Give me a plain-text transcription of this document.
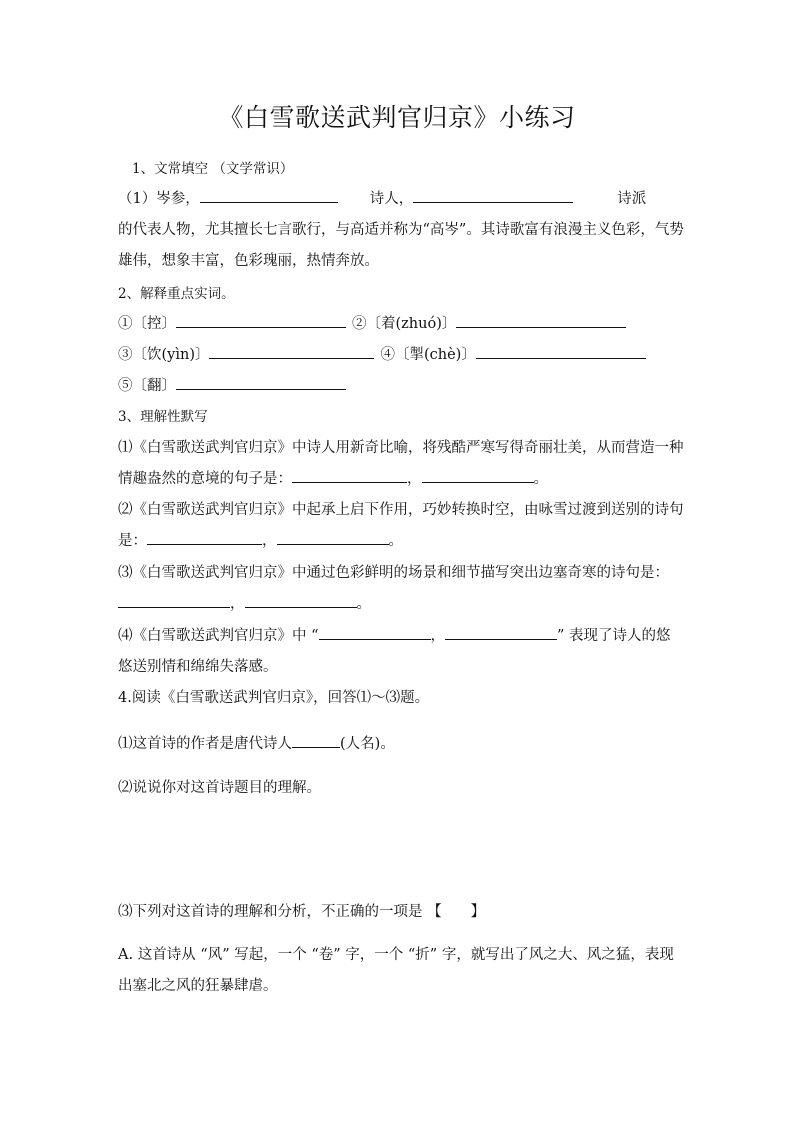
《白雪歌送武判官归京》小练习
1、文常填空 （文学常识）
（1）岑参，	诗人，	诗派
的代表人物，尤其擅长七言歌行，与高适并称为“高岑”。其诗歌富有浪漫主义色彩，气势
雄伟，想象丰富，色彩瑰丽，热情奔放。
2、解释重点实词。
①〔控〕	②〔着(zhuó)〕
③〔饮(yìn)〕	④〔掣(chè)〕
⑤〔翻〕
3、理解性默写
⑴《白雪歌送武判官归京》中诗人用新奇比喻，将残酷严寒写得奇丽壮美，从而营造一种
情趣盎然的意境的句子是：	，	。
⑵《白雪歌送武判官归京》中起承上启下作用，巧妙转换时空，由咏雪过渡到送别的诗句
是：	，	。
⑶《白雪歌送武判官归京》中通过色彩鲜明的场景和细节描写突出边塞奇寒的诗句是：
，	。
⑷《白雪歌送武判官归京》中 “	，	” 表现了诗人的悠
悠送别情和绵绵失落感。
4.阅读《白雪歌送武判官归京》，回答⑴～⑶题。
⑴这首诗的作者是唐代诗人	(人名)。
⑵说说你对这首诗题目的理解。
⑶下列对这首诗的理解和分析，不正确的一项是 【　　】
A. 这首诗从 “风” 写起，一个 “卷” 字，一个 “折” 字，就写出了风之大、风之猛，表现
出塞北之风的狂暴肆虐。
